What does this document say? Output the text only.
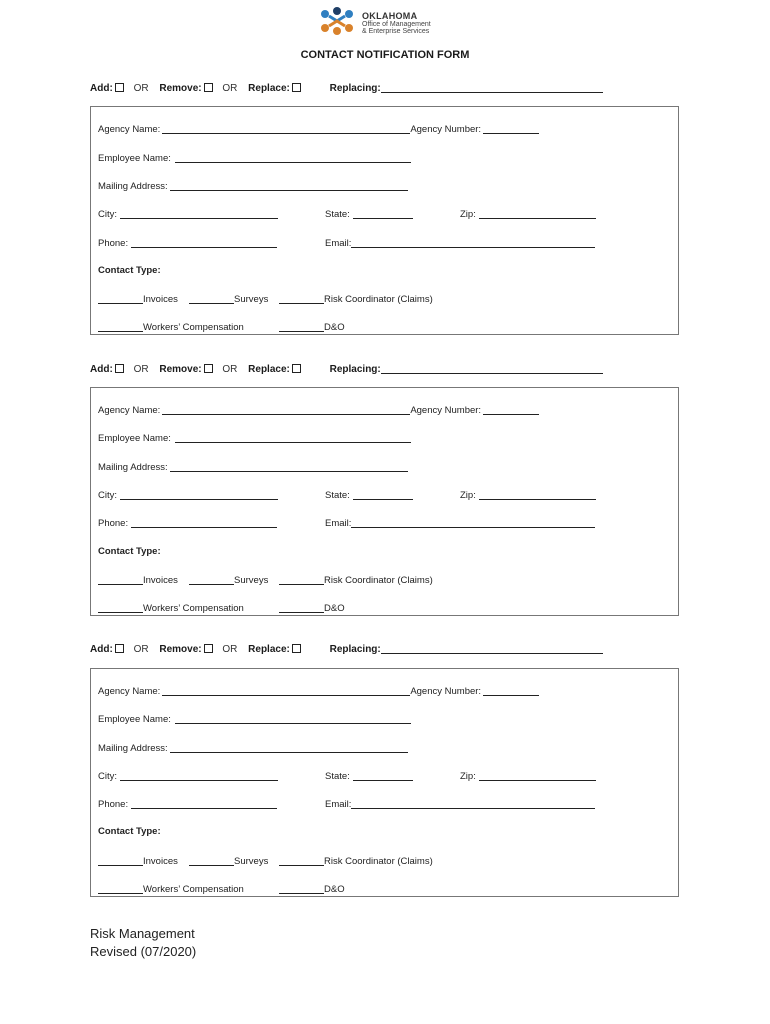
OKLAHOMA
Office of Management
& Enterprise Services
CONTACT NOTIFICATION FORM
Add: OR Remove: OR Replace:	Replacing:
Agency Name:	Agency Number:
Employee Name:
Mailing Address:
City:	State:	Zip:
Phone:	Email:
Contact Type:
Invoices	Surveys	Risk Coordinator (Claims)
Workers’ Compensation	D&O
Add: OR Remove: OR Replace:	Replacing:
Agency Name:	Agency Number:
Employee Name:
Mailing Address:
City:	State:	Zip:
Phone:	Email:
Contact Type:
Invoices	Surveys	Risk Coordinator (Claims)
Workers’ Compensation	D&O
Add: OR Remove: OR Replace:	Replacing:
Agency Name:	Agency Number:
Employee Name:
Mailing Address:
City:	State:	Zip:
Phone:	Email:
Contact Type:
Invoices	Surveys	Risk Coordinator (Claims)
Workers’ Compensation	D&O
Risk Management
Revised (07/2020)
